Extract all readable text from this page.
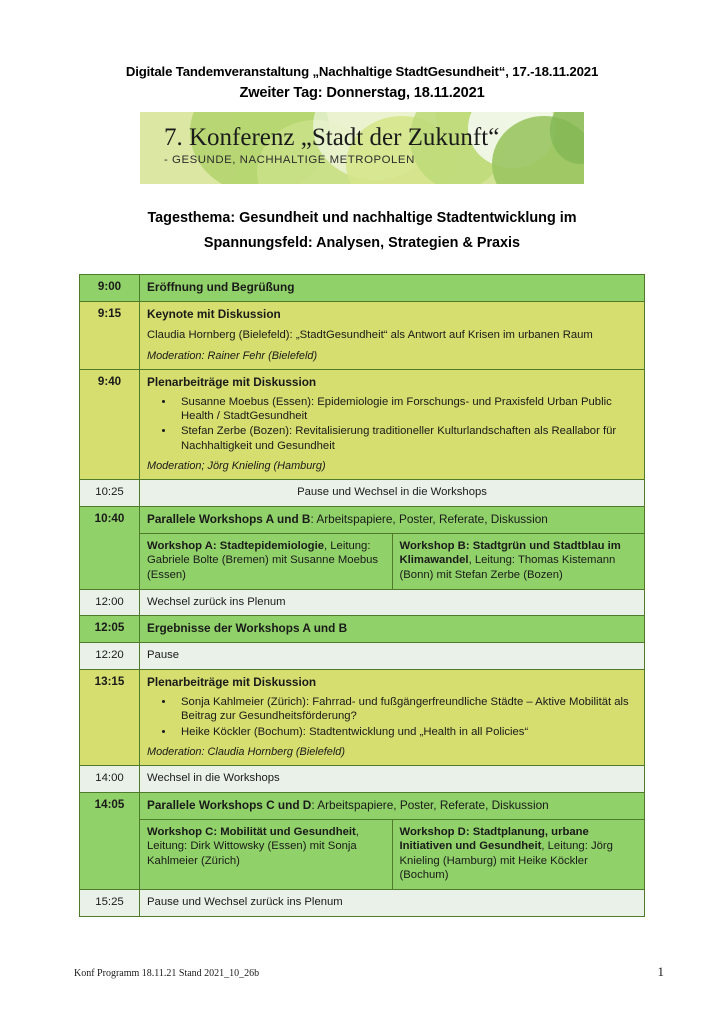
Digitale Tandemveranstaltung „Nachhaltige StadtGesundheit“, 17.-18.11.2021
Zweiter Tag: Donnerstag, 18.11.2021
7. Konferenz „Stadt der Zukunft“
- GESUNDE, NACHHALTIGE METROPOLEN
Tagesthema: Gesundheit und nachhaltige Stadtentwicklung im
Spannungsfeld: Analysen, Strategien & Praxis
9:00	Eröffnung und Begrüßung	

9:15	Keynote mit Diskussion
Claudia Hornberg (Bielefeld): „StadtGesundheit“ als Antwort auf Krisen im urbanen Raum
Moderation: Rainer Fehr (Bielefeld)	

9:40	Plenarbeiträge mit Diskussion
• Susanne Moebus (Essen): Epidemiologie im Forschungs- und Praxisfeld Urban Public Health / StadtGesundheit
• Stefan Zerbe (Bozen): Revitalisierung traditioneller Kulturlandschaften als Reallabor für Nachhaltigkeit und Gesundheit
Moderation; Jörg Knieling (Hamburg)

10:25	Pause und Wechsel in die Workshops	

10:40	Parallele Workshops A und B: Arbeitspapiere, Poster, Referate, Diskussion	

	Workshop A: Stadtepidemiologie, Leitung: Gabriele Bolte (Bremen) mit Susanne Moebus (Essen)	Workshop B: Stadtgrün und Stadtblau im Klimawandel, Leitung: Thomas Kistemann (Bonn) mit Stefan Zerbe (Bozen)

12:00	Wechsel zurück ins Plenum	

12:05	Ergebnisse der Workshops A und B	

12:20	Pause	

13:15	Plenarbeiträge mit Diskussion
• Sonja Kahlmeier (Zürich): Fahrrad- und fußgängerfreundliche Städte – Aktive Mobilität als Beitrag zur Gesundheitsförderung?
• Heike Köckler (Bochum): Stadtentwicklung und „Health in all Policies“
Moderation: Claudia Hornberg (Bielefeld)

14:00	Wechsel in die Workshops	

14:05	Parallele Workshops C und D: Arbeitspapiere, Poster, Referate, Diskussion	

	Workshop C: Mobilität und Gesundheit, Leitung: Dirk Wittowsky (Essen) mit Sonja Kahlmeier (Zürich)	Workshop D: Stadtplanung, urbane Initiativen und Gesundheit, Leitung: Jörg Knieling (Hamburg) mit Heike Köckler (Bochum)

15:25	Pause und Wechsel zurück ins Plenum	
Konf Programm 18.11.21 Stand 2021_10_26b	1
